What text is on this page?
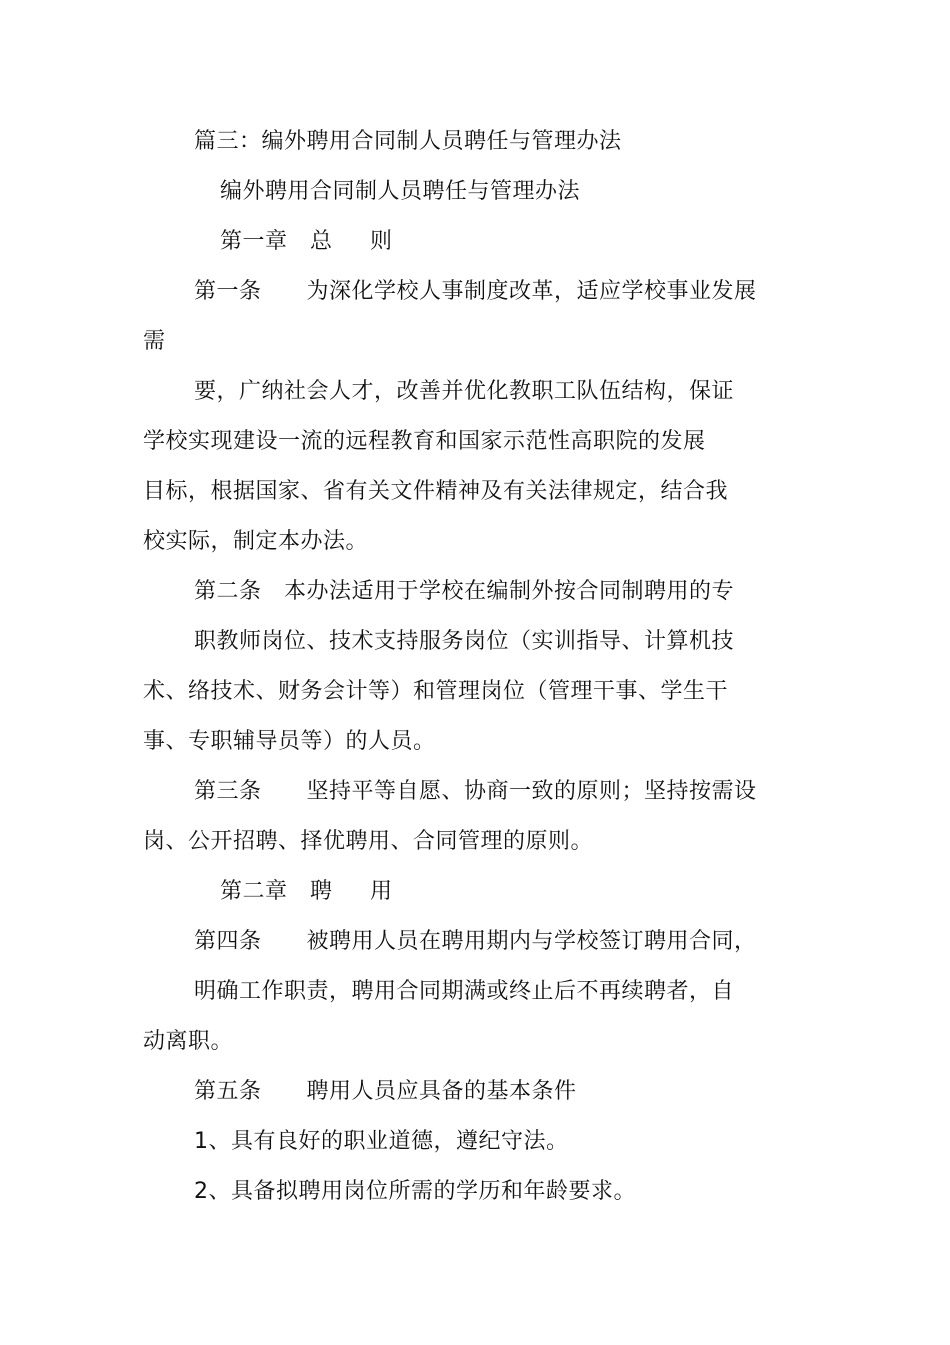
篇三：编外聘用合同制人员聘任与管理办法
编外聘用合同制人员聘任与管理办法
第一章   总     则
第一条      为深化学校人事制度改革，适应学校事业发展
需
要，广纳社会人才，改善并优化教职工队伍结构，保证
学校实现建设一流的远程教育和国家示范性高职院的发展
目标，根据国家、省有关文件精神及有关法律规定，结合我
校实际，制定本办法。
第二条   本办法适用于学校在编制外按合同制聘用的专
职教师岗位、技术支持服务岗位（实训指导、计算机技
术、络技术、财务会计等）和管理岗位（管理干事、学生干
事、专职辅导员等）的人员。
第三条      坚持平等自愿、协商一致的原则；坚持按需设
岗、公开招聘、择优聘用、合同管理的原则。
第二章   聘     用
第四条      被聘用人员在聘用期内与学校签订聘用合同，
明确工作职责，聘用合同期满或终止后不再续聘者，自
动离职。
第五条      聘用人员应具备的基本条件
1、具有良好的职业道德，遵纪守法。
2、具备拟聘用岗位所需的学历和年龄要求。
